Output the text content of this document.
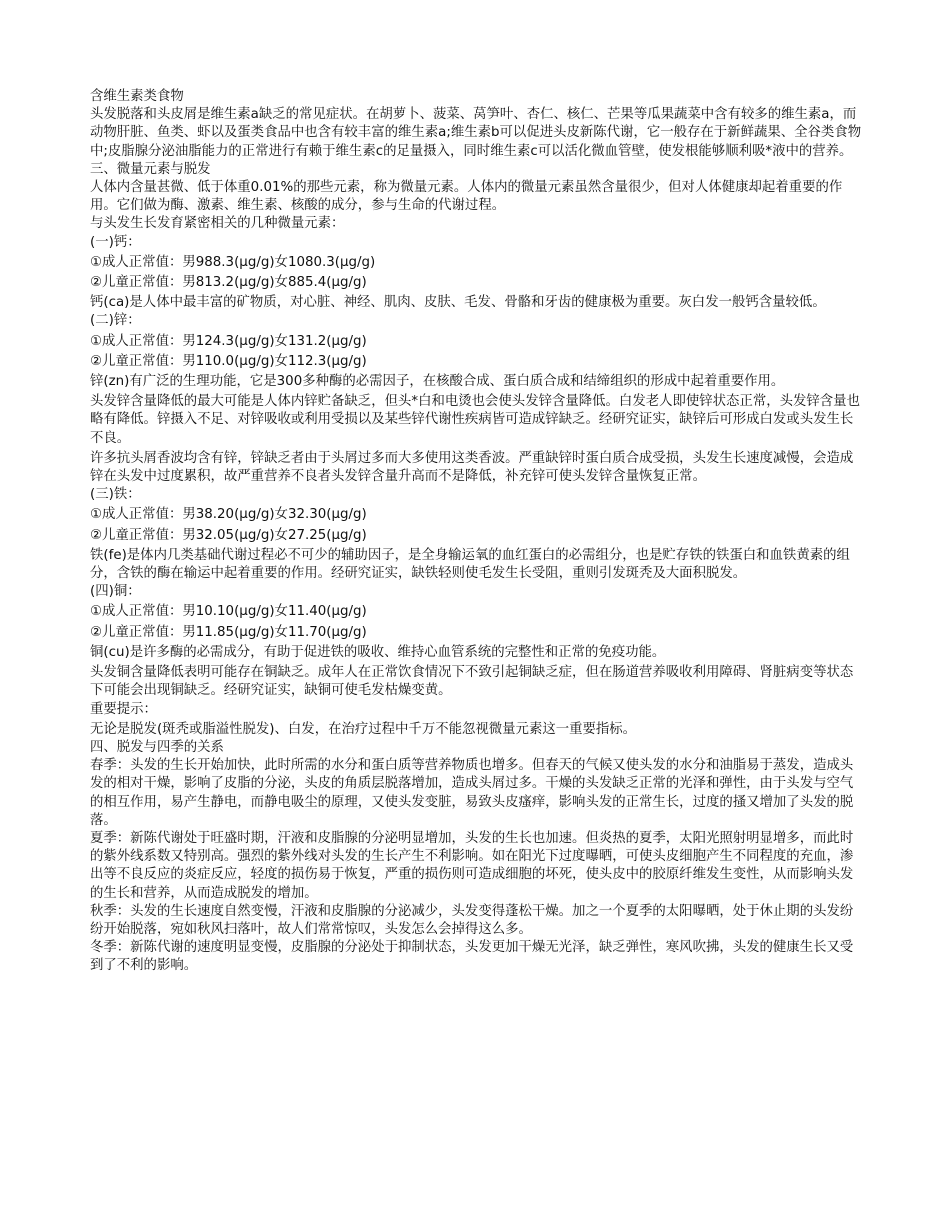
含维生素类食物

头发脱落和头皮屑是维生素a缺乏的常见症状。在胡萝卜、菠菜、莴笋叶、杏仁、核仁、芒果等瓜果蔬菜中含有较多的维生素a，而动物肝脏、鱼类、虾以及蛋类食品中也含有较丰富的维生素a;维生素b可以促进头皮新陈代谢，它一般存在于新鲜蔬果、全谷类食物中;皮脂腺分泌油脂能力的正常进行有赖于维生素c的足量摄入，同时维生素c可以活化微血管壁，使发根能够顺利吸*液中的营养。

三、微量元素与脱发

人体内含量甚微、低于体重0.01%的那些元素，称为微量元素。人体内的微量元素虽然含量很少，但对人体健康却起着重要的作用。它们做为酶、激素、维生素、核酸的成分，参与生命的代谢过程。

与头发生长发育紧密相关的几种微量元素：

(一)钙：

①成人正常值：男988.3(μg/g)女1080.3(μg/g)

②儿童正常值：男813.2(μg/g)女885.4(μg/g)

钙(ca)是人体中最丰富的矿物质，对心脏、神经、肌肉、皮肤、毛发、骨骼和牙齿的健康极为重要。灰白发一般钙含量较低。

(二)锌：

①成人正常值：男124.3(μg/g)女131.2(μg/g)

②儿童正常值：男110.0(μg/g)女112.3(μg/g)

锌(zn)有广泛的生理功能，它是300多种酶的必需因子，在核酸合成、蛋白质合成和结缔组织的形成中起着重要作用。

头发锌含量降低的最大可能是人体内锌贮备缺乏，但头*白和电烫也会使头发锌含量降低。白发老人即使锌状态正常，头发锌含量也略有降低。锌摄入不足、对锌吸收或利用受损以及某些锌代谢性疾病皆可造成锌缺乏。经研究证实，缺锌后可形成白发或头发生长不良。

许多抗头屑香波均含有锌，锌缺乏者由于头屑过多而大多使用这类香波。严重缺锌时蛋白质合成受损，头发生长速度减慢，会造成锌在头发中过度累积，故严重营养不良者头发锌含量升高而不是降低，补充锌可使头发锌含量恢复正常。

(三)铁：

①成人正常值：男38.20(μg/g)女32.30(μg/g)

②儿童正常值：男32.05(μg/g)女27.25(μg/g)

铁(fe)是体内几类基础代谢过程必不可少的辅助因子，是全身输运氧的血红蛋白的必需组分，也是贮存铁的铁蛋白和血铁黄素的组分，含铁的酶在输运中起着重要的作用。经研究证实，缺铁轻则使毛发生长受阻，重则引发斑秃及大面积脱发。

(四)铜：

①成人正常值：男10.10(μg/g)女11.40(μg/g)

②儿童正常值：男11.85(μg/g)女11.70(μg/g)

铜(cu)是许多酶的必需成分，有助于促进铁的吸收、维持心血管系统的完整性和正常的免疫功能。

头发铜含量降低表明可能存在铜缺乏。成年人在正常饮食情况下不致引起铜缺乏症，但在肠道营养吸收利用障碍、肾脏病变等状态下可能会出现铜缺乏。经研究证实，缺铜可使毛发枯燥变黄。

重要提示：

无论是脱发(斑秃或脂溢性脱发)、白发，在治疗过程中千万不能忽视微量元素这一重要指标。

四、脱发与四季的关系

春季：头发的生长开始加快，此时所需的水分和蛋白质等营养物质也增多。但春天的气候又使头发的水分和油脂易于蒸发，造成头发的相对干燥，影响了皮脂的分泌，头皮的角质层脱落增加，造成头屑过多。干燥的头发缺乏正常的光泽和弹性，由于头发与空气的相互作用，易产生静电，而静电吸尘的原理，又使头发变脏，易致头皮瘙痒，影响头发的正常生长，过度的搔又增加了头发的脱落。

夏季：新陈代谢处于旺盛时期，汗液和皮脂腺的分泌明显增加，头发的生长也加速。但炎热的夏季，太阳光照射明显增多，而此时的紫外线系数又特别高。强烈的紫外线对头发的生长产生不利影响。如在阳光下过度曝晒，可使头皮细胞产生不同程度的充血，渗出等不良反应的炎症反应，轻度的损伤易于恢复，严重的损伤则可造成细胞的坏死，使头皮中的胶原纤维发生变性，从而影响头发的生长和营养，从而造成脱发的增加。

秋季：头发的生长速度自然变慢，汗液和皮脂腺的分泌减少，头发变得蓬松干燥。加之一个夏季的太阳曝晒，处于休止期的头发纷纷开始脱落，宛如秋风扫落叶，故人们常常惊叹，头发怎么会掉得这么多。

冬季：新陈代谢的速度明显变慢，皮脂腺的分泌处于抑制状态，头发更加干燥无光泽，缺乏弹性，寒风吹拂，头发的健康生长又受到了不利的影响。
